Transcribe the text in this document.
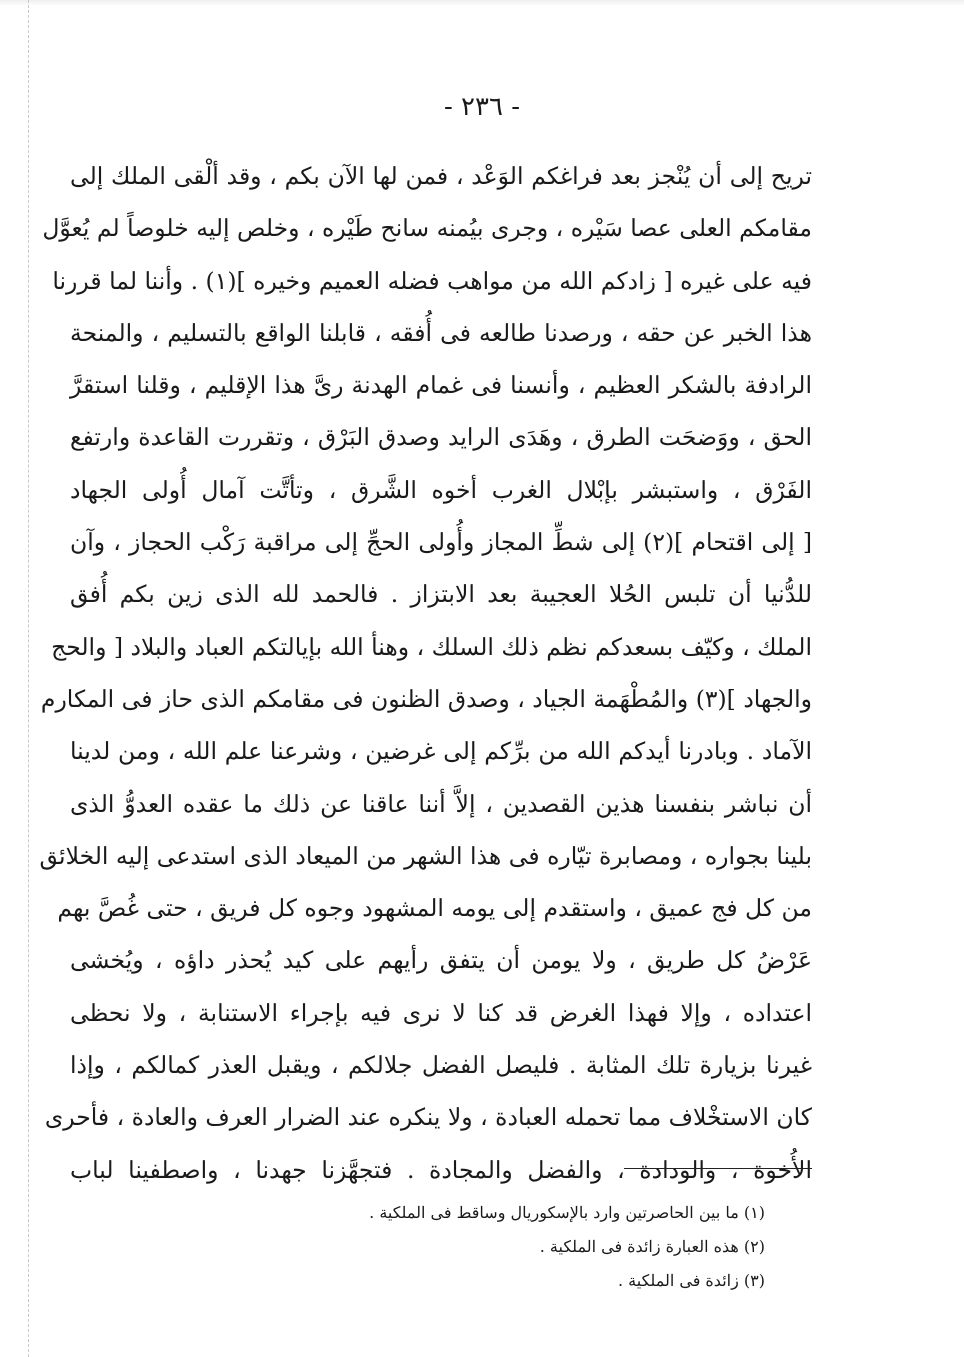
- ٢٣٦ -
تريح إلى أن يُنْجز بعد فراغكم الوَعْد ، فمن لها الآن بكم ، وقد ألْقى الملك إلى
مقامكم العلى عصا سَيْره ، وجرى بيُمنه سانح طَيْره ، وخلص إليه خلوصاً لم يُعوَّل
فيه على غيره [ زادكم الله من مواهب فضله العميم وخيره ](١) . وأننا لما قررنا
هذا الخبر عن حقه ، ورصدنا طالعه فى أُفقه ، قابلنا الواقع بالتسليم ، والمنحة
الرادفة بالشكر العظيم ، وأنسنا فى غمام الهدنة رىَّ هذا الإقليم ، وقلنا استقرَّ
الحق ، ووَضحَت الطرق ، وهَدَى الرايد وصدق البَرْق ، وتقررت القاعدة وارتفع
الفَرْق ، واستبشر بإبْلال الغرب أخوه الشَّرق ، وتأتَّت آمال أُولى الجهاد
[ إلى اقتحام ](٢) إلى شطِّ المجاز وأُولى الحجِّ إلى مراقبة رَكْب الحجاز ، وآن
للدُّنيا أن تلبس الحُلا العجيبة بعد الابتزاز . فالحمد لله الذى زين بكم أُفق
الملك ، وكيّف بسعدكم نظم ذلك السلك ، وهنأ الله بإيالتكم العباد والبلاد [ والحج
والجهاد ](٣) والمُطْهَمة الجياد ، وصدق الظنون فى مقامكم الذى حاز فى المكارم
الآماد . وبادرنا أيدكم الله من برِّكم إلى غرضين ، وشرعنا علم الله ، ومن لدينا
أن نباشر بنفسنا هذين القصدين ، إلاَّ أننا عاقنا عن ذلك ما عقده العدوُّ الذى
بلينا بجواره ، ومصابرة تيّاره فى هذا الشهر من الميعاد الذى استدعى إليه الخلائق
من كل فج عميق ، واستقدم إلى يومه المشهود وجوه كل فريق ، حتى غُصَّ بهم
عَرْضُ كل طريق ، ولا يومن أن يتفق رأيهم على كيد يُحذر داؤه ، ويُخشى
اعتداده ، وإلا فهذا الغرض قد كنا لا نرى فيه بإجراء الاستنابة ، ولا نحظى
غيرنا بزيارة تلك المثابة . فليصل الفضل جلالكم ، ويقبل العذر كمالكم ، وإذا
كان الاستخْلاف مما تحمله العبادة ، ولا ينكره عند الضرار العرف والعادة ، فأحرى
الأُخوة ، والودادة ، والفضل والمجادة . فتجهَّزنا جهدنا ، واصطفينا لباب
(١) ما بين الحاصرتين وارد بالإسكوريال وساقط فى الملكية .
(٢) هذه العبارة زائدة فى الملكية .
(٣) زائدة فى الملكية .
